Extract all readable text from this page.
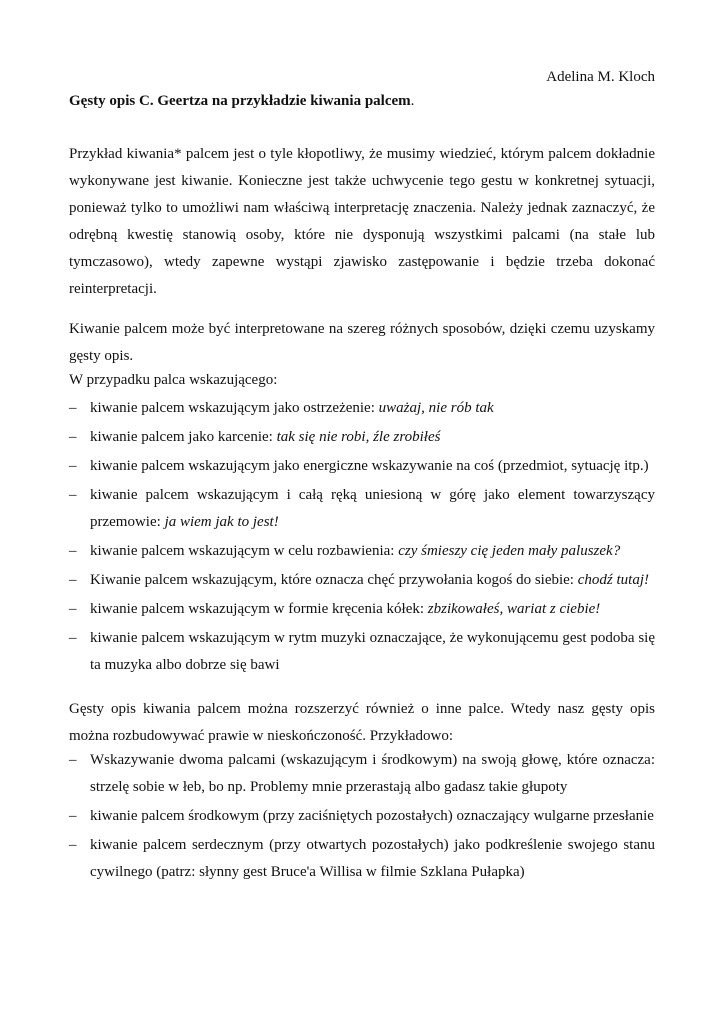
Adelina M. Kloch
Gęsty opis C. Geertza na przykładzie kiwania palcem.

Przykład kiwania* palcem jest o tyle kłopotliwy, że musimy wiedzieć, którym palcem dokładnie wykonywane jest kiwanie. Konieczne jest także uchwycenie tego gestu w konkretnej sytuacji, ponieważ tylko to umożliwi nam właściwą interpretację znaczenia. Należy jednak zaznaczyć, że odrębną kwestię stanowią osoby, które nie dysponują wszystkimi palcami (na stałe lub tymczasowo), wtedy zapewne wystąpi zjawisko zastępowanie i będzie trzeba dokonać reinterpretacji.

Kiwanie palcem może być interpretowane na szereg różnych sposobów, dzięki czemu uzyskamy gęsty opis.

W przypadku palca wskazującego:

– kiwanie palcem wskazującym jako ostrzeżenie: uważaj, nie rób tak
– kiwanie palcem jako karcenie: tak się nie robi, źle zrobiłeś
– kiwanie palcem wskazującym jako energiczne wskazywanie na coś (przedmiot, sytuację itp.)
– kiwanie palcem wskazującym i całą ręką uniesioną w górę jako element towarzyszący przemowie: ja wiem jak to jest!
– kiwanie palcem wskazującym w celu rozbawienia: czy śmieszy cię jeden mały paluszek?
– Kiwanie palcem wskazującym, które oznacza chęć przywołania kogoś do siebie: chodź tutaj!
– kiwanie palcem wskazującym w formie kręcenia kółek: zbzikowałeś, wariat z ciebie!
– kiwanie palcem wskazującym w rytm muzyki oznaczające, że wykonującemu gest podoba się ta muzyka albo dobrze się bawi

Gęsty opis kiwania palcem można rozszerzyć również o inne palce. Wtedy nasz gęsty opis można rozbudowywać prawie w nieskończoność. Przykładowo:

– Wskazywanie dwoma palcami (wskazującym i środkowym) na swoją głowę, które oznacza: strzelę sobie w łeb, bo np. Problemy mnie przerastają albo gadasz takie głupoty
– kiwanie palcem środkowym (przy zaciśniętych pozostałych) oznaczający wulgarne przesłanie
– kiwanie palcem serdecznym (przy otwartych pozostałych) jako podkreślenie swojego stanu cywilnego (patrz: słynny gest Bruce'a Willisa w filmie Szklana Pułapka)
